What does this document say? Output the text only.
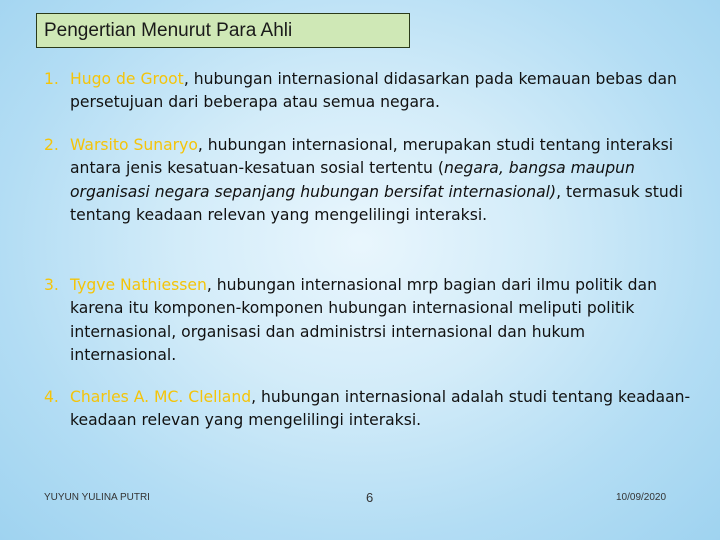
Pengertian Menurut Para Ahli
1. Hugo de Groot, hubungan internasional didasarkan pada kemauan bebas dan persetujuan dari beberapa atau semua negara.
2. Warsito Sunaryo, hubungan internasional, merupakan studi tentang interaksi antara jenis kesatuan-kesatuan sosial tertentu (negara, bangsa maupun organisasi negara sepanjang hubungan bersifat internasional), termasuk studi tentang keadaan relevan yang mengelilingi interaksi.
3. Tygve Nathiessen, hubungan internasional mrp bagian dari ilmu politik dan karena itu komponen-komponen hubungan internasional meliputi politik internasional, organisasi dan administrsi internasional dan hukum internasional.
4. Charles A. MC. Clelland, hubungan internasional adalah studi tentang keadaan-keadaan relevan yang mengelilingi interaksi.
YUYUN YULINA PUTRI	6	10/09/2020
